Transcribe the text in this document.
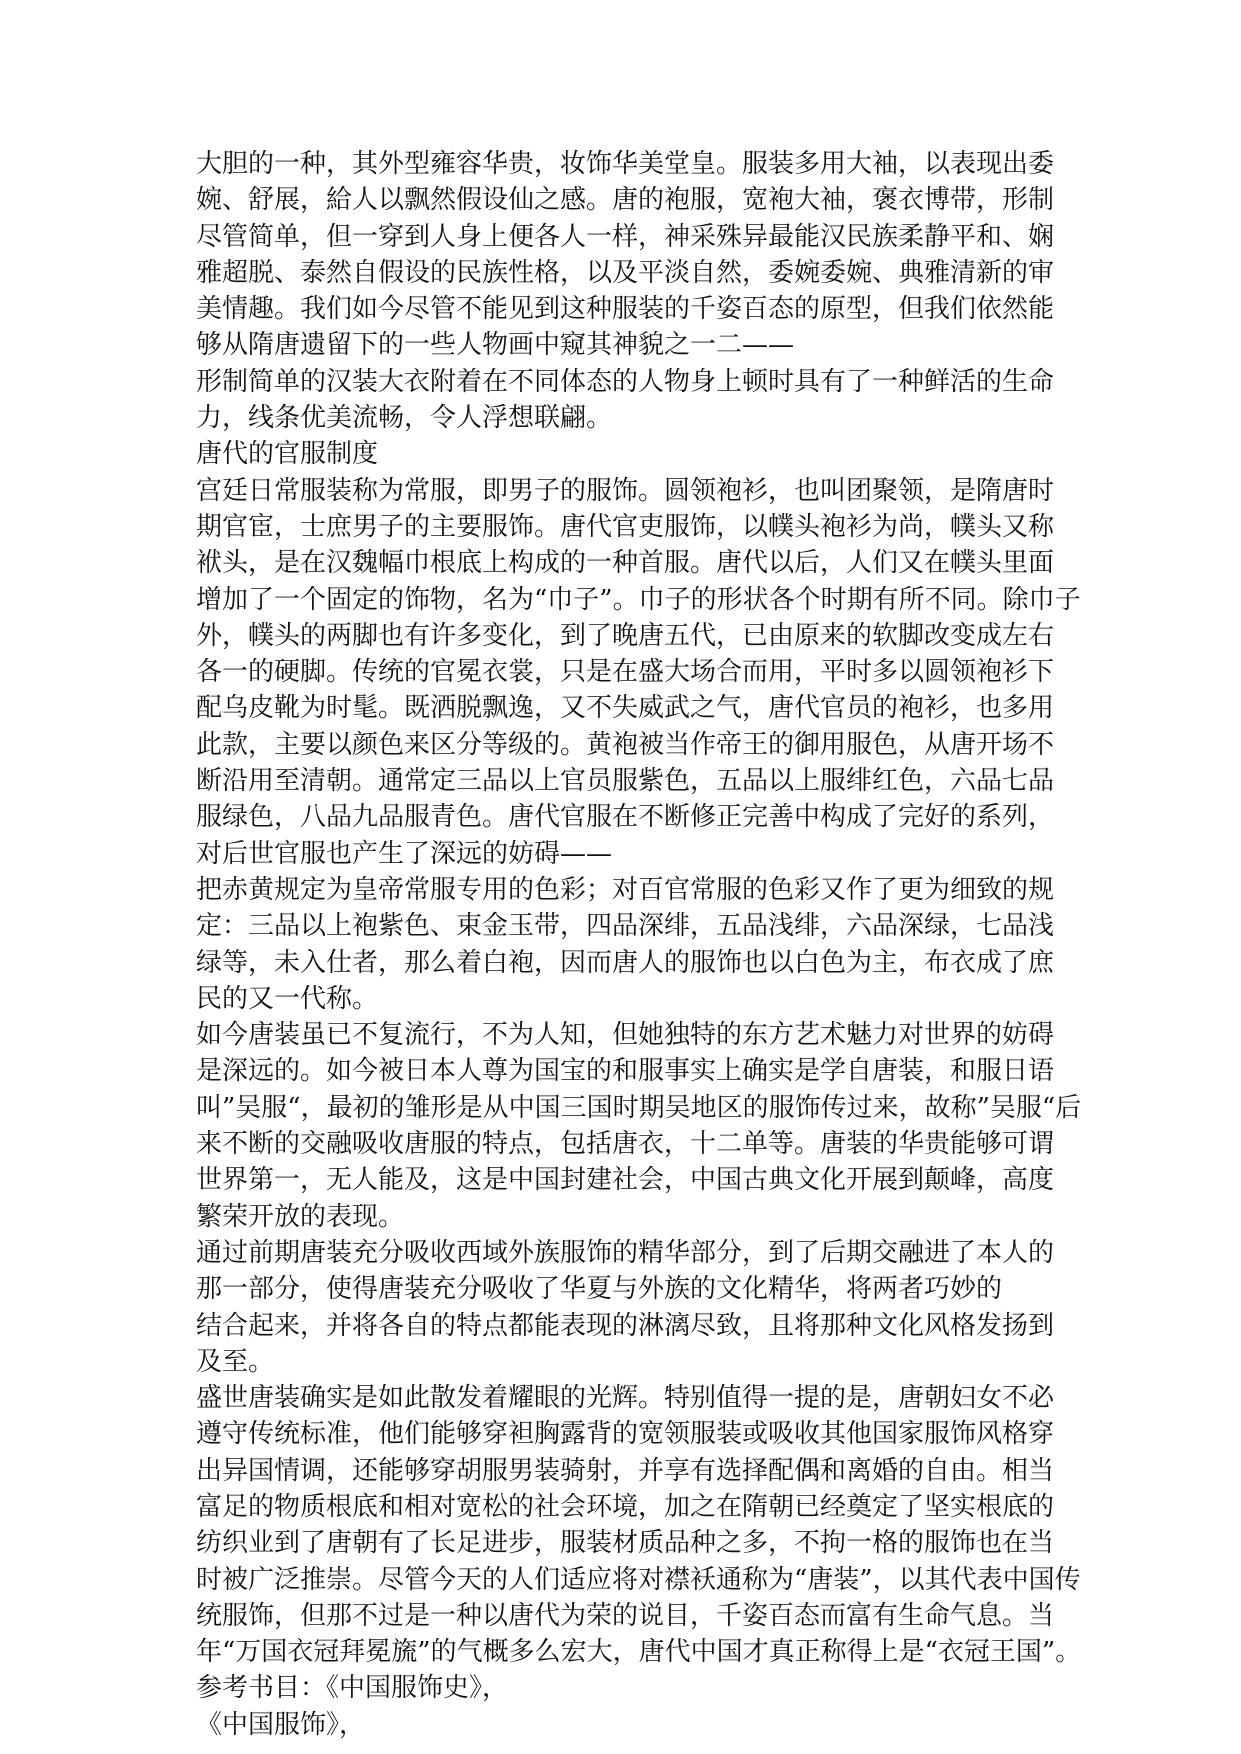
大胆的一种，其外型雍容华贵，妆饰华美堂皇。服装多用大袖，以表现出委
婉、舒展，給人以飘然假设仙之感。唐的袍服，宽袍大袖，褒衣博带，形制
尽管简单，但一穿到人身上便各人一样，神采殊异最能汉民族柔静平和、娴
雅超脱、泰然自假设的民族性格，以及平淡自然，委婉委婉、典雅清新的审
美情趣。我们如今尽管不能见到这种服装的千姿百态的原型，但我们依然能
够从隋唐遗留下的一些人物画中窥其神貌之一二——
形制简单的汉装大衣附着在不同体态的人物身上顿时具有了一种鲜活的生命
力，线条优美流畅，令人浮想联翩。
唐代的官服制度
宫廷日常服装称为常服，即男子的服饰。圆领袍衫，也叫团聚领，是隋唐时
期官宦，士庶男子的主要服饰。唐代官吏服饰，以幞头袍衫为尚，幞头又称
袱头，是在汉魏幅巾根底上构成的一种首服。唐代以后，人们又在幞头里面
增加了一个固定的饰物，名为“巾子”。巾子的形状各个时期有所不同。除巾子
外，幞头的两脚也有许多变化，到了晚唐五代，已由原来的软脚改变成左右
各一的硬脚。传统的官冕衣裳，只是在盛大场合而用，平时多以圆领袍衫下
配乌皮靴为时髦。既洒脱飘逸，又不失威武之气，唐代官员的袍衫，也多用
此款，主要以颜色来区分等级的。黄袍被当作帝王的御用服色，从唐开场不
断沿用至清朝。通常定三品以上官员服紫色，五品以上服绯红色，六品七品
服绿色，八品九品服青色。唐代官服在不断修正完善中构成了完好的系列，
对后世官服也产生了深远的妨碍——
把赤黄规定为皇帝常服专用的色彩；对百官常服的色彩又作了更为细致的规
定：三品以上袍紫色、束金玉带，四品深绯，五品浅绯，六品深绿，七品浅
绿等，未入仕者，那么着白袍，因而唐人的服饰也以白色为主，布衣成了庶
民的又一代称。
如今唐装虽已不复流行，不为人知，但她独特的东方艺术魅力对世界的妨碍
是深远的。如今被日本人尊为国宝的和服事实上确实是学自唐装，和服日语
叫”吴服“，最初的雏形是从中国三国时期吴地区的服饰传过来，故称”吴服“后
来不断的交融吸收唐服的特点，包括唐衣，十二单等。唐装的华贵能够可谓
世界第一，无人能及，这是中国封建社会，中国古典文化开展到颠峰，高度
繁荣开放的表现。
通过前期唐装充分吸收西域外族服饰的精华部分，到了后期交融进了本人的
那一部分，使得唐装充分吸收了华夏与外族的文化精华，将两者巧妙的
结合起来，并将各自的特点都能表现的淋漓尽致，且将那种文化风格发扬到
及至。
盛世唐装确实是如此散发着耀眼的光辉。特别值得一提的是，唐朝妇女不必
遵守传统标准，他们能够穿袒胸露背的宽领服装或吸收其他国家服饰风格穿
出异国情调，还能够穿胡服男装骑射，并享有选择配偶和离婚的自由。相当
富足的物质根底和相对宽松的社会环境，加之在隋朝已经奠定了坚实根底的
纺织业到了唐朝有了长足进步，服装材质品种之多，不拘一格的服饰也在当
时被广泛推崇。尽管今天的人们适应将对襟袄通称为“唐装”，以其代表中国传
统服饰，但那不过是一种以唐代为荣的说目，千姿百态而富有生命气息。当
年“万国衣冠拜冕旒”的气概多么宏大，唐代中国才真正称得上是“衣冠王国”。
参考书目：《中国服饰史》，
《中国服饰》，
